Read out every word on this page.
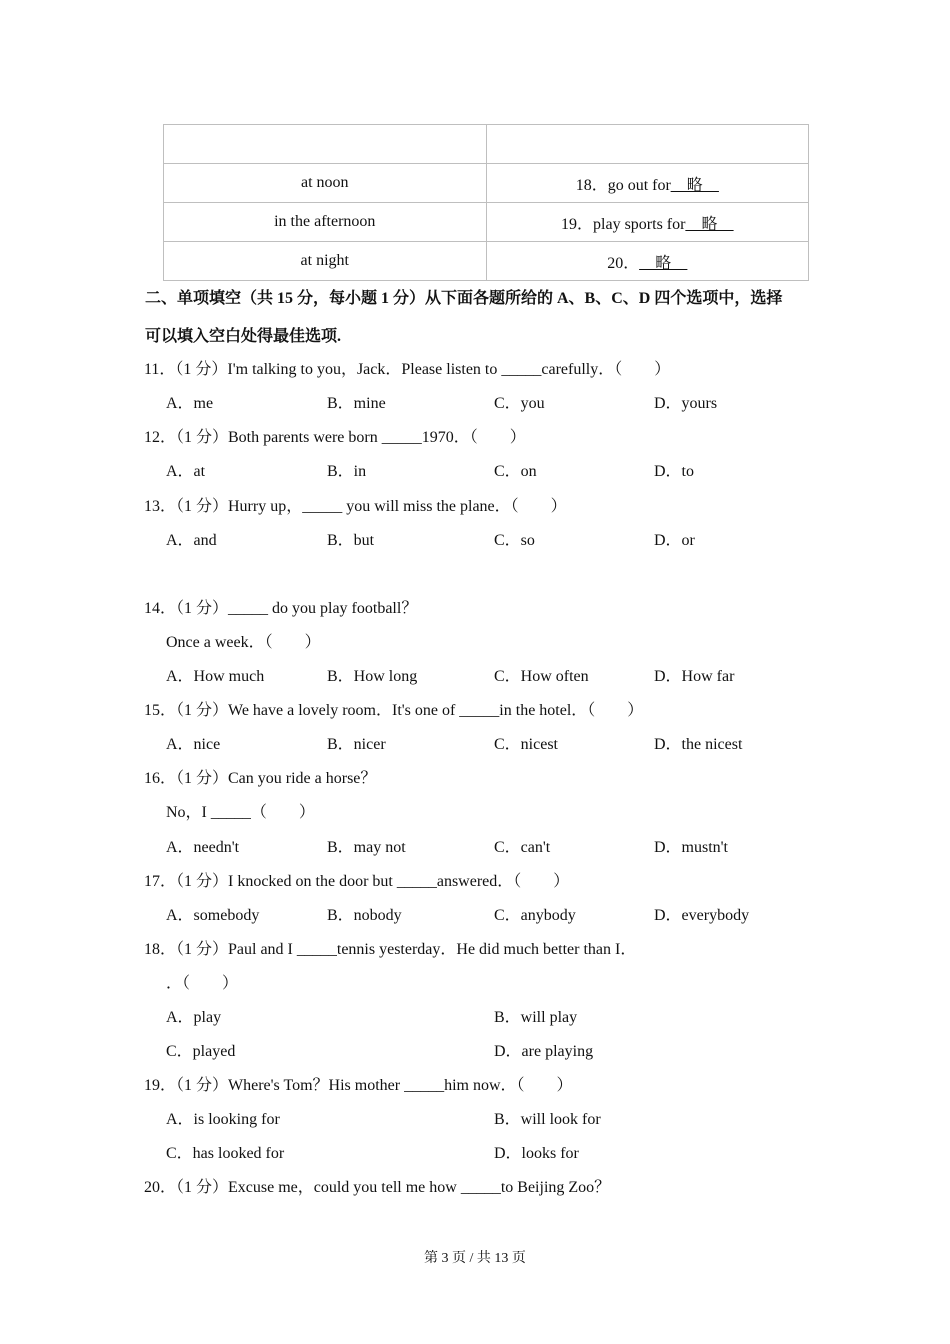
at noon	18．go out for__略__
in the afternoon	19．play sports for__略__
at night	20．__略__
二、单项填空（共 15 分，每小题 1 分）从下面各题所给的 A、B、C、D 四个选项中，选择
可以填入空白处得最佳选项.
11．（1 分）I'm talking to you，Jack．Please listen to _____carefully．（　　）
A．me	B．mine	C．you	D．yours
12．（1 分）Both parents were born _____1970．（　　）
A．at	B．in	C．on	D．to
13．（1 分）Hurry up，_____ you will miss the plane．（　　）
A．and	B．but	C．so	D．or
14．（1 分）_____ do you play football？
Once a week．（　　）
A．How much	B．How long	C．How often	D．How far
15．（1 分）We have a lovely room．It's one of _____in the hotel．（　　）
A．nice	B．nicer	C．nicest	D．the nicest
16．（1 分）Can you ride a horse？
No，I _____（　　）
A．needn't	B．may not	C．can't	D．mustn't
17．（1 分）I knocked on the door but _____answered．（　　）
A．somebody	B．nobody	C．anybody	D．everybody
18．（1 分）Paul and I _____tennis yesterday．He did much better than I．
．（　　）
A．play	B．will play
C．played	D．are playing
19．（1 分）Where's Tom？His mother _____him now．（　　）
A．is looking for	B．will look for
C．has looked for	D．looks for
20．（1 分）Excuse me，could you tell me how _____to Beijing Zoo？
第 3 页 / 共 13 页
